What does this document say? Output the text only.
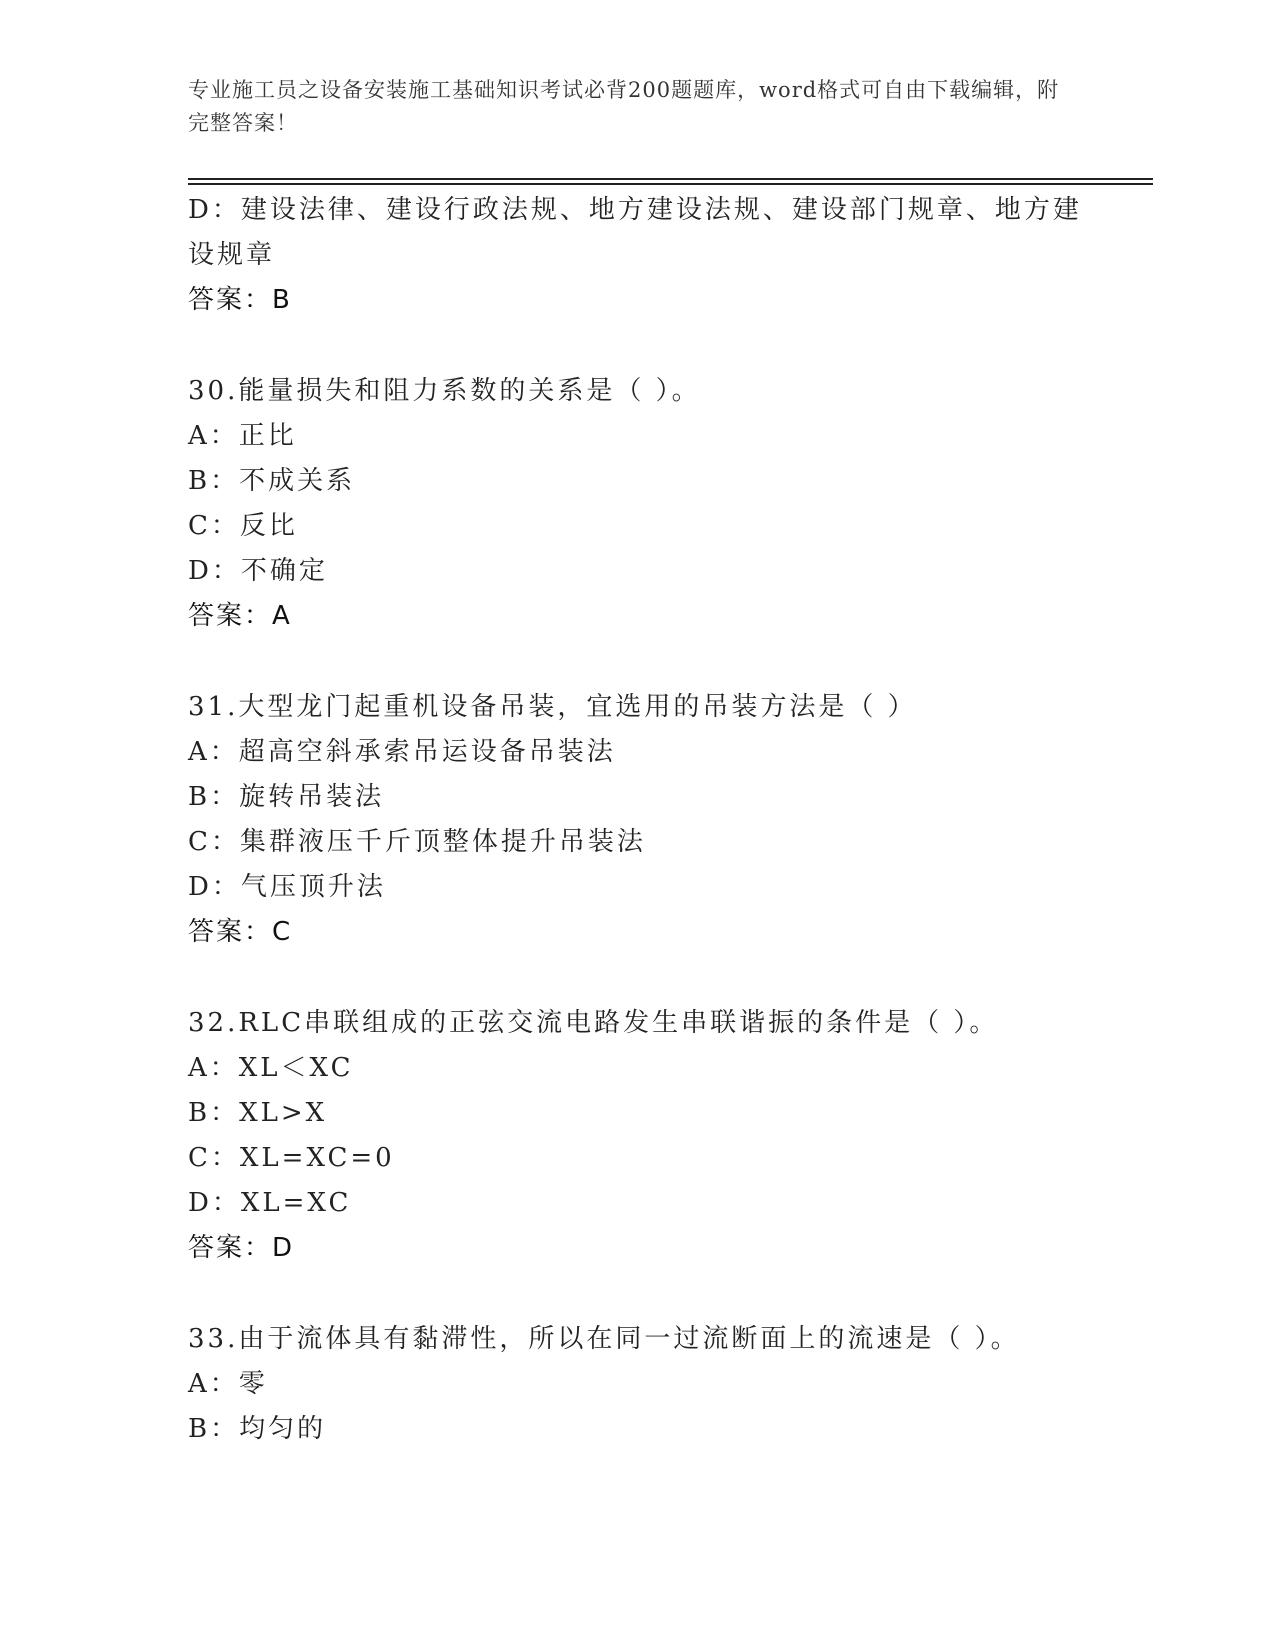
专业施工员之设备安装施工基础知识考试必背200题题库，word格式可自由下载编辑，附完整答案！
D：建设法律、建设行政法规、地方建设法规、建设部门规章、地方建设规章
答案：B
30.能量损失和阻力系数的关系是（ ）。
A：正比
B：不成关系
C：反比
D：不确定
答案：A
31.大型龙门起重机设备吊装，宜选用的吊装方法是（ ）
A：超高空斜承索吊运设备吊装法
B：旋转吊装法
C：集群液压千斤顶整体提升吊装法
D：气压顶升法
答案：C
32.RLC串联组成的正弦交流电路发生串联谐振的条件是（ ）。
A：XL＜XC
B：XL>X
C：XL=XC=0
D：XL=XC
答案：D
33.由于流体具有黏滞性，所以在同一过流断面上的流速是（ ）。
A：零
B：均匀的
